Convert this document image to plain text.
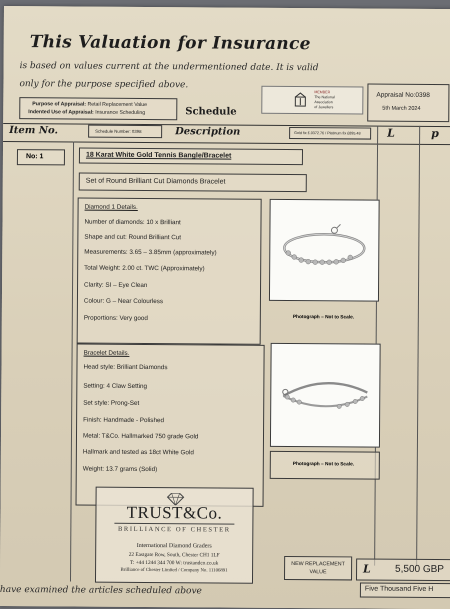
This Valuation for Insurance
is based on values current at the undermentioned date. It is valid
only for the purpose specified above.
Purpose of Appraisal: Retail Replacement Value
Indented Use of Appraisal: Insurance Scheduling	Schedule
MEMBER
The National
Association
of Jewellers
Appraisal No:0398
5th March 2024
Item No.	Schedule Number: 0398	Description	Gold fix £.0372.76 / Platinum fix £895.48 L	p
No: 1	18 Karat White Gold Tennis Bangle/Bracelet
Set of Round Brilliant Cut Diamonds Bracelet
Diamond 1 Details.
Number of diamonds: 10 x Brilliant
Shape and cut: Round Brilliant Cut
Measurements: 3.65 – 3.85mm (approximately)
Total Weight: 2.00 ct. TWC (Approximately)
Clarity: SI – Eye Clean
Colour: G – Near Colourless
Proportions: Very good	Photograph – Not to Scale.
Bracelet Details.
Head style: Brilliant Diamonds
Setting: 4 Claw Setting
Set style: Prong-Set
Finish: Handmade - Polished
Metal: T&Co. Hallmarked 750 grade Gold
Hallmark and tested as 18ct White Gold
Weight: 13.7 grams (Solid)
Photograph – Not to Scale.
TRUST&Co.
BRILLIANCE OF CHESTER
International Diamond Graders
22 Eastgate Row, South, Chester CH1 1LF
T: +44 1244 344 700 W: trustandco.co.uk
Brilliance of Chester Limited / Company No. 11106891
NEW REPLACEMENT
VALUE	L 5,500 GBP
Five Thousand Five H
have examined the articles scheduled above
